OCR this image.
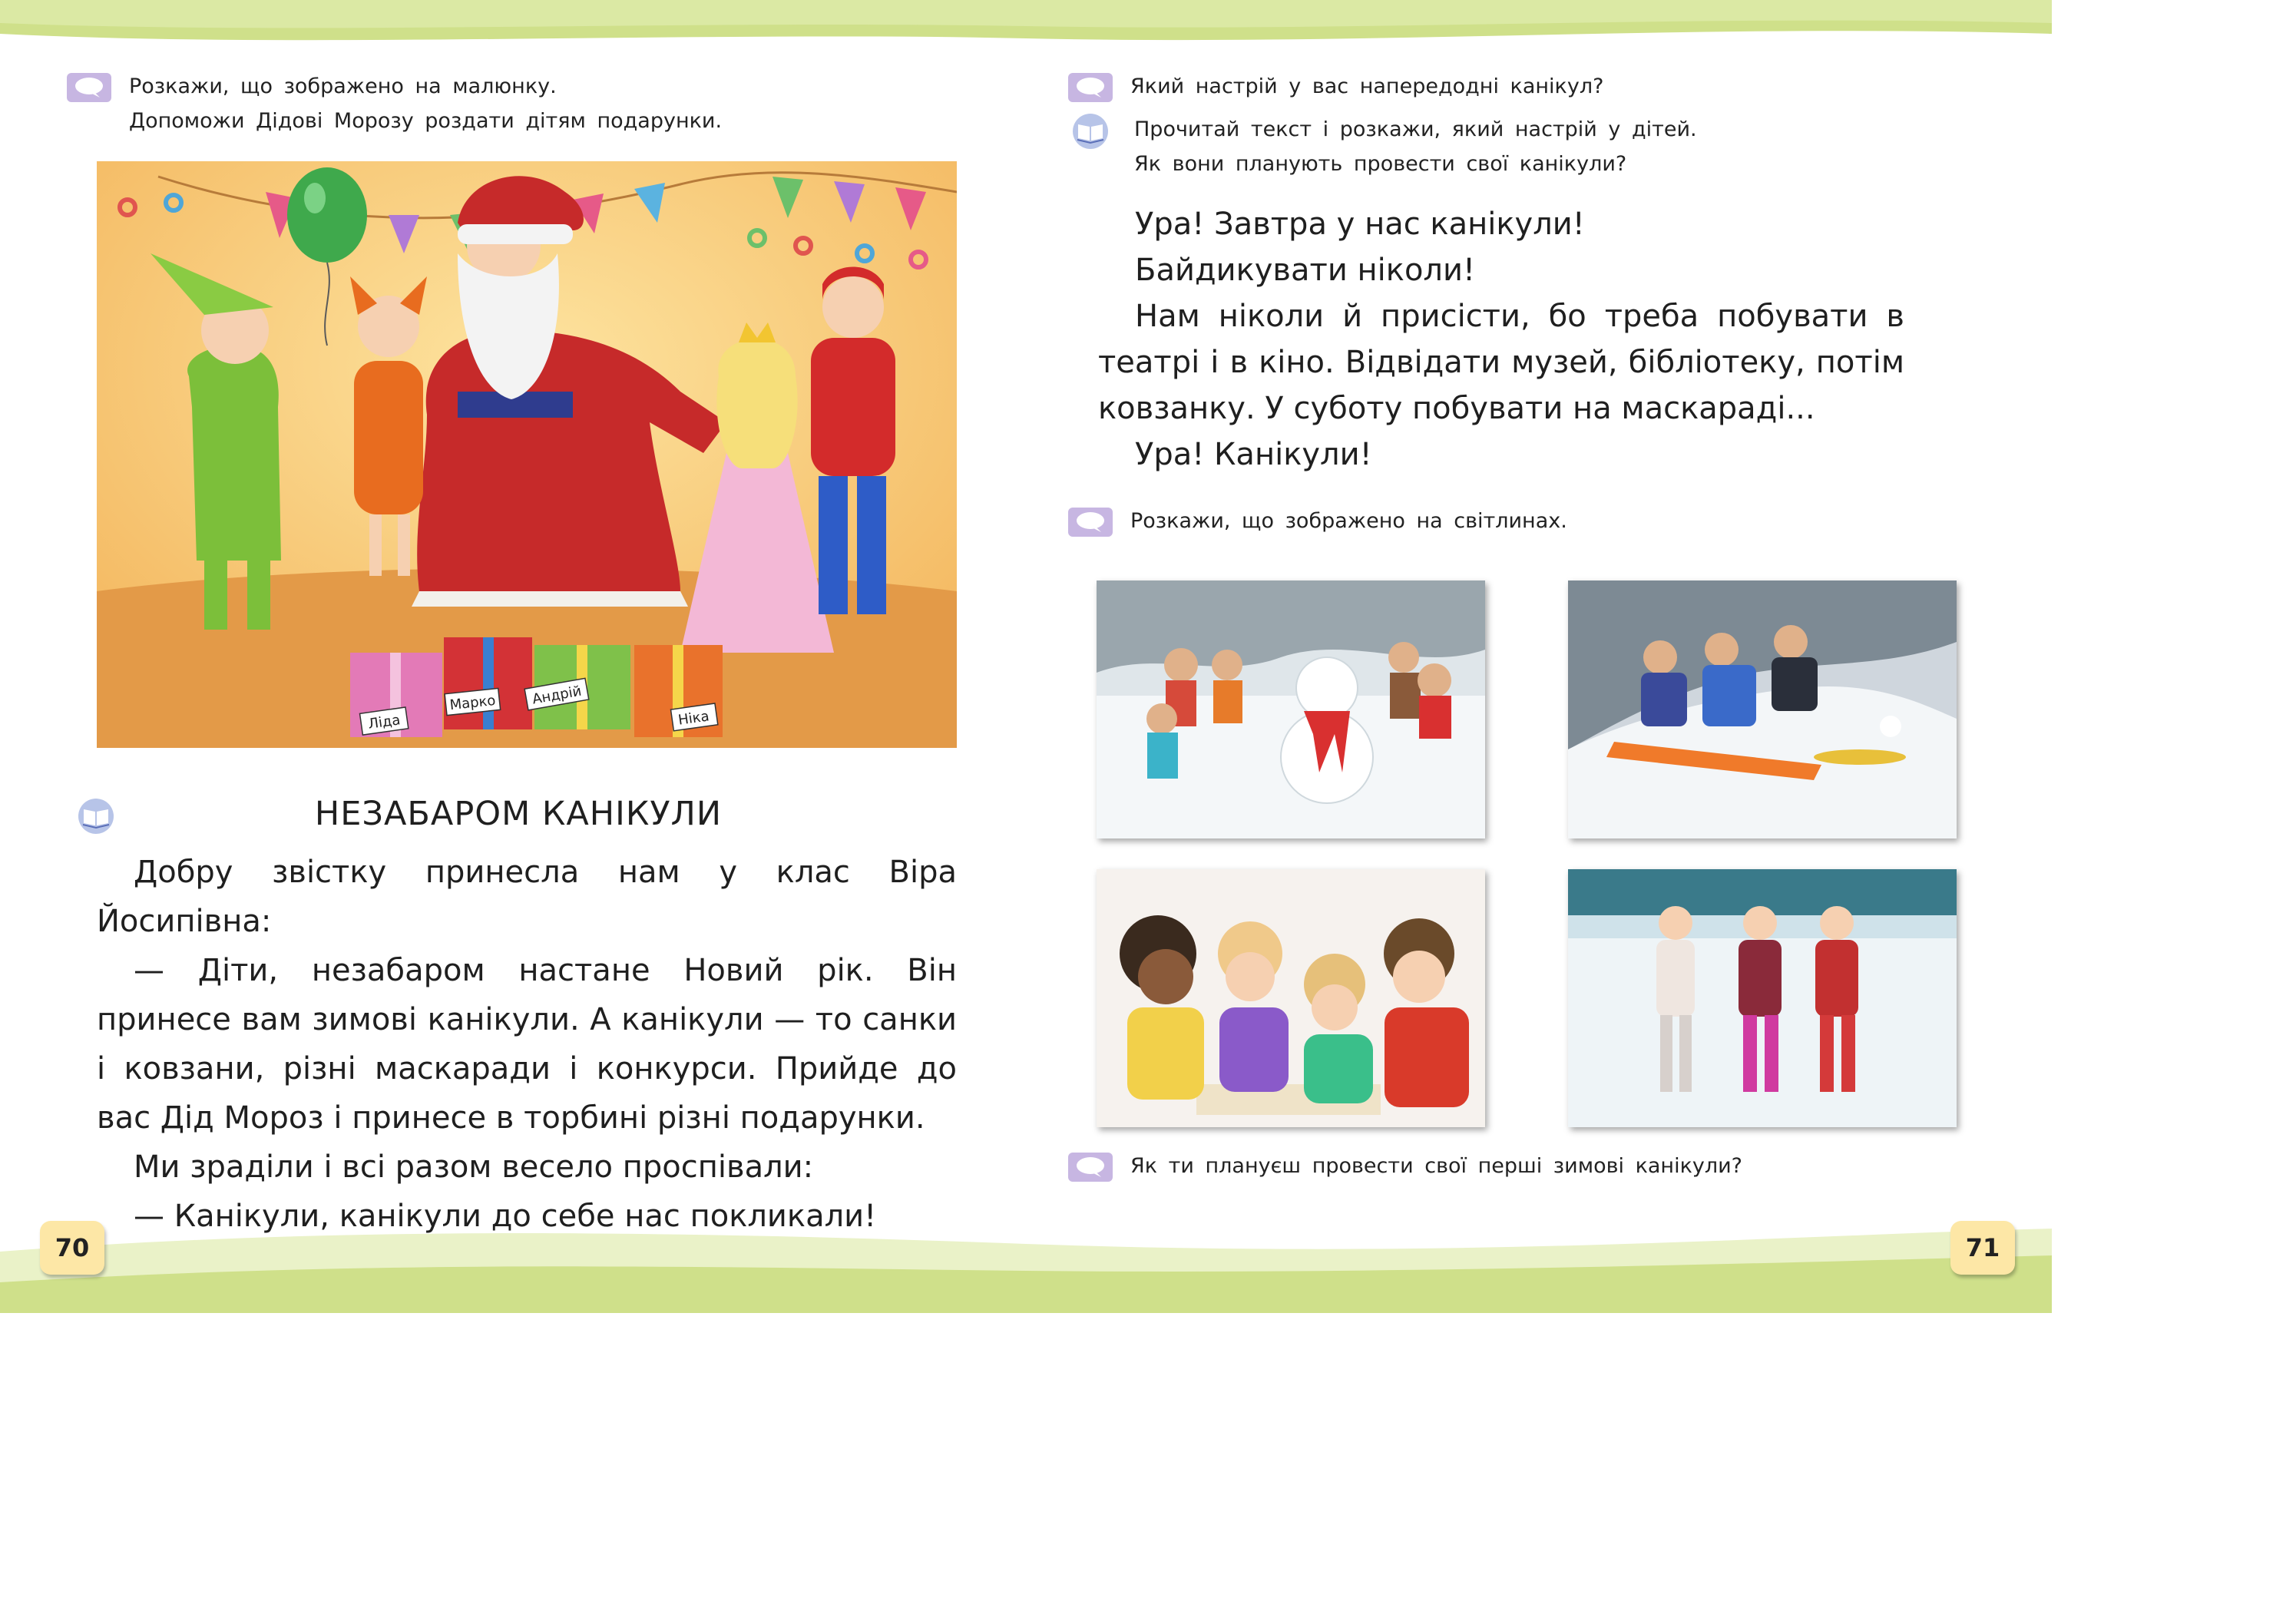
Розкажи, що зображено на малюнку.
Допоможи Дідові Морозу роздати дітям подарунки.
Ліда
Марко	Андрій
Ніка
НЕЗАБАРОМ КАНІКУЛИ

Добру звістку принесла нам у клас Віра Йосипівна:

— Діти, незабаром настане Новий рік. Він принесе вам зимові канікули. А канікули — то санки і ковзани, різні маскаради і конкурси. Прийде до вас Дід Мороз і принесе в торбині різні подарунки.

Ми зраділи і всі разом весело проспівали:

— Канікули, канікули до себе нас покликали!

70
Який настрій у вас напередодні канікул?
Прочитай текст і розкажи, який настрій у дітей.
Як вони планують провести свої канікули?

Ура! Завтра у нас канікули!

Байдикувати ніколи!

Нам ніколи й присісти, бо треба побувати в театрі і в кіно. Відвідати музей, бібліотеку, потім ковзанку. У суботу побувати на маскараді...

Ура! Канікули!

Розкажи, що зображено на світлинах.
Як ти плануєш провести свої перші зимові канікули?
71
